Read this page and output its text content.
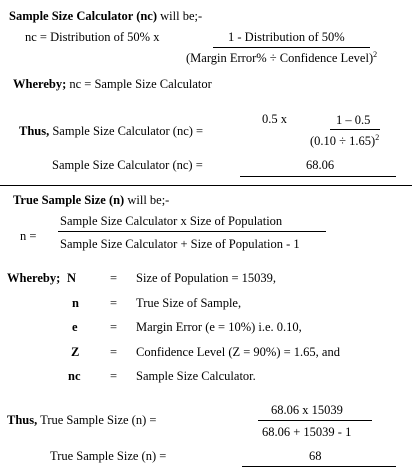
Sample Size Calculator (nc) will be;-
nc = Distribution of 50% x	1 - Distribution of 50%
(Margin Error% ÷ Confidence Level)$^2$
Whereby; nc = Sample Size Calculator
Thus, Sample Size Calculator (nc) =
0.5 x	1 – 0.5
$(0.10 \div 1.65)^2$
Sample Size Calculator (nc) =	68.06
True Sample Size (n) will be;-
n =
Sample Size Calculator x Size of Population
Sample Size Calculator + Size of Population - 1
Whereby; N	= Size of Population = 15039,
n = True Size of Sample,
e	= Margin Error (e = 10%) i.e. 0.10,
Z = Confidence Level (Z = 90%) = 1.65, and
nc = Sample Size Calculator.
Thus, True Sample Size (n) =
68.06 x 15039
68.06 + 15039 - 1
True Sample Size (n) =	68
